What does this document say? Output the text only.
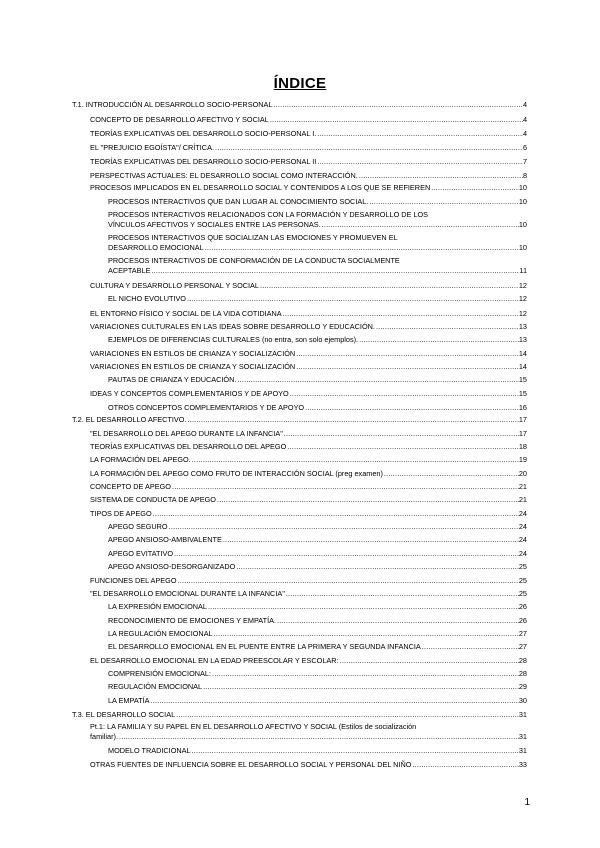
ÍNDICE
T.1. INTRODUCCIÓN AL DESARROLLO SOCIO-PERSONAL .....	4
CONCEPTO DE DESARROLLO AFECTIVO Y SOCIAL .....	4
TEORÍAS EXPLICATIVAS DEL DESARROLLO SOCIO-PERSONAL I. .....	4
EL "PREJUICIO EGOÍSTA"/ CRÍTICA. .....	6
TEORÍAS EXPLICATIVAS DEL DESARROLLO SOCIO-PERSONAL II .....	7
PERSPECTIVAS ACTUALES: EL DESARROLLO SOCIAL COMO INTERACCIÓN. .....	8
PROCESOS IMPLICADOS EN EL DESARROLLO SOCIAL Y CONTENIDOS A LOS QUE SE REFIEREN .....	10
PROCESOS INTERACTIVOS QUE DAN LUGAR AL CONOCIMIENTO SOCIAL. .....	10
PROCESOS INTERACTIVOS RELACIONADOS CON LA FORMACIÓN Y DESARROLLO DE LOS
VÍNCULOS AFECTIVOS Y SOCIALES ENTRE LAS PERSONAS. .....	10
PROCESOS INTERACTIVOS QUE SOCIALIZAN LAS EMOCIONES Y PROMUEVEN EL
DESARROLLO EMOCIONAL .....	10
PROCESOS INTERACTIVOS DE CONFORMACIÓN DE LA CONDUCTA SOCIALMENTE
ACEPTABLE .....	11
CULTURA Y DESARROLLO PERSONAL Y SOCIAL .....	12
EL NICHO EVOLUTIVO .....	12
EL ENTORNO FÍSICO Y SOCIAL DE LA VIDA COTIDIANA .....	12
VARIACIONES CULTURALES EN LAS IDEAS SOBRE DESARROLLO Y EDUCACIÓN. .....	13
EJEMPLOS DE DIFERENCIAS CULTURALES (no entra, son solo ejemplos). .....	13
VARIACIONES EN ESTILOS DE CRIANZA Y SOCIALIZACIÓN .....	14
VARIACIONES EN ESTILOS DE CRIANZA Y SOCIALIZACIÓN .....	14
PAUTAS DE CRIANZA Y EDUCACIÓN. .....	15
IDEAS Y CONCEPTOS COMPLEMENTARIOS Y DE APOYO .....	15
OTROS CONCEPTOS COMPLEMENTARIOS Y DE APOYO .....	16
T.2. EL DESARROLLO AFECTIVO. .....	17
"EL DESARROLLO DEL APEGO DURANTE LA INFANCIA" .....	17
TEORÍAS EXPLICATIVAS DEL DESARROLLO DEL APEGO .....	18
LA FORMACIÓN DEL APEGO. .....	19
LA FORMACIÓN DEL APEGO COMO FRUTO DE INTERACCIÓN SOCIAL (preg examen) .....	20
CONCEPTO DE APEGO .....	21
SISTEMA DE CONDUCTA DE APEGO .....	21
TIPOS DE APEGO .....	24
APEGO SEGURO .....	24
APEGO ANSIOSO-AMBIVALENTE .....	24
APEGO EVITATIVO .....	24
APEGO ANSIOSO-DESORGANIZADO .....	25
FUNCIONES DEL APEGO .....	25
"EL DESARROLLO EMOCIONAL DURANTE LA INFANCIA" .....	25
LA EXPRESIÓN EMOCIONAL .....	26
RECONOCIMIENTO DE EMOCIONES Y EMPATÍA. .....	26
LA REGULACIÓN EMOCIONAL .....	27
EL DESARROLLO EMOCIONAL EN EL PUENTE ENTRE LA PRIMERA Y SEGUNDA INFANCIA .....	27
EL DESARROLLO EMOCIONAL EN LA EDAD PREESCOLAR Y ESCOLAR: .....	28
COMPRENSIÓN EMOCIONAL: .....	28
REGULACIÓN EMOCIONAL .....	29
LA EMPATÍA .....	30
T.3. EL DESARROLLO SOCIAL .....	31
Pt.1: LA FAMILIA Y SU PAPEL EN EL DESARROLLO AFECTIVO Y SOCIAL (Estilos de socialización
familiar). .....	31
MODELO TRADICIONAL .....	31
OTRAS FUENTES DE INFLUENCIA SOBRE EL DESARROLLO SOCIAL Y PERSONAL DEL NIÑO .....	33
1
